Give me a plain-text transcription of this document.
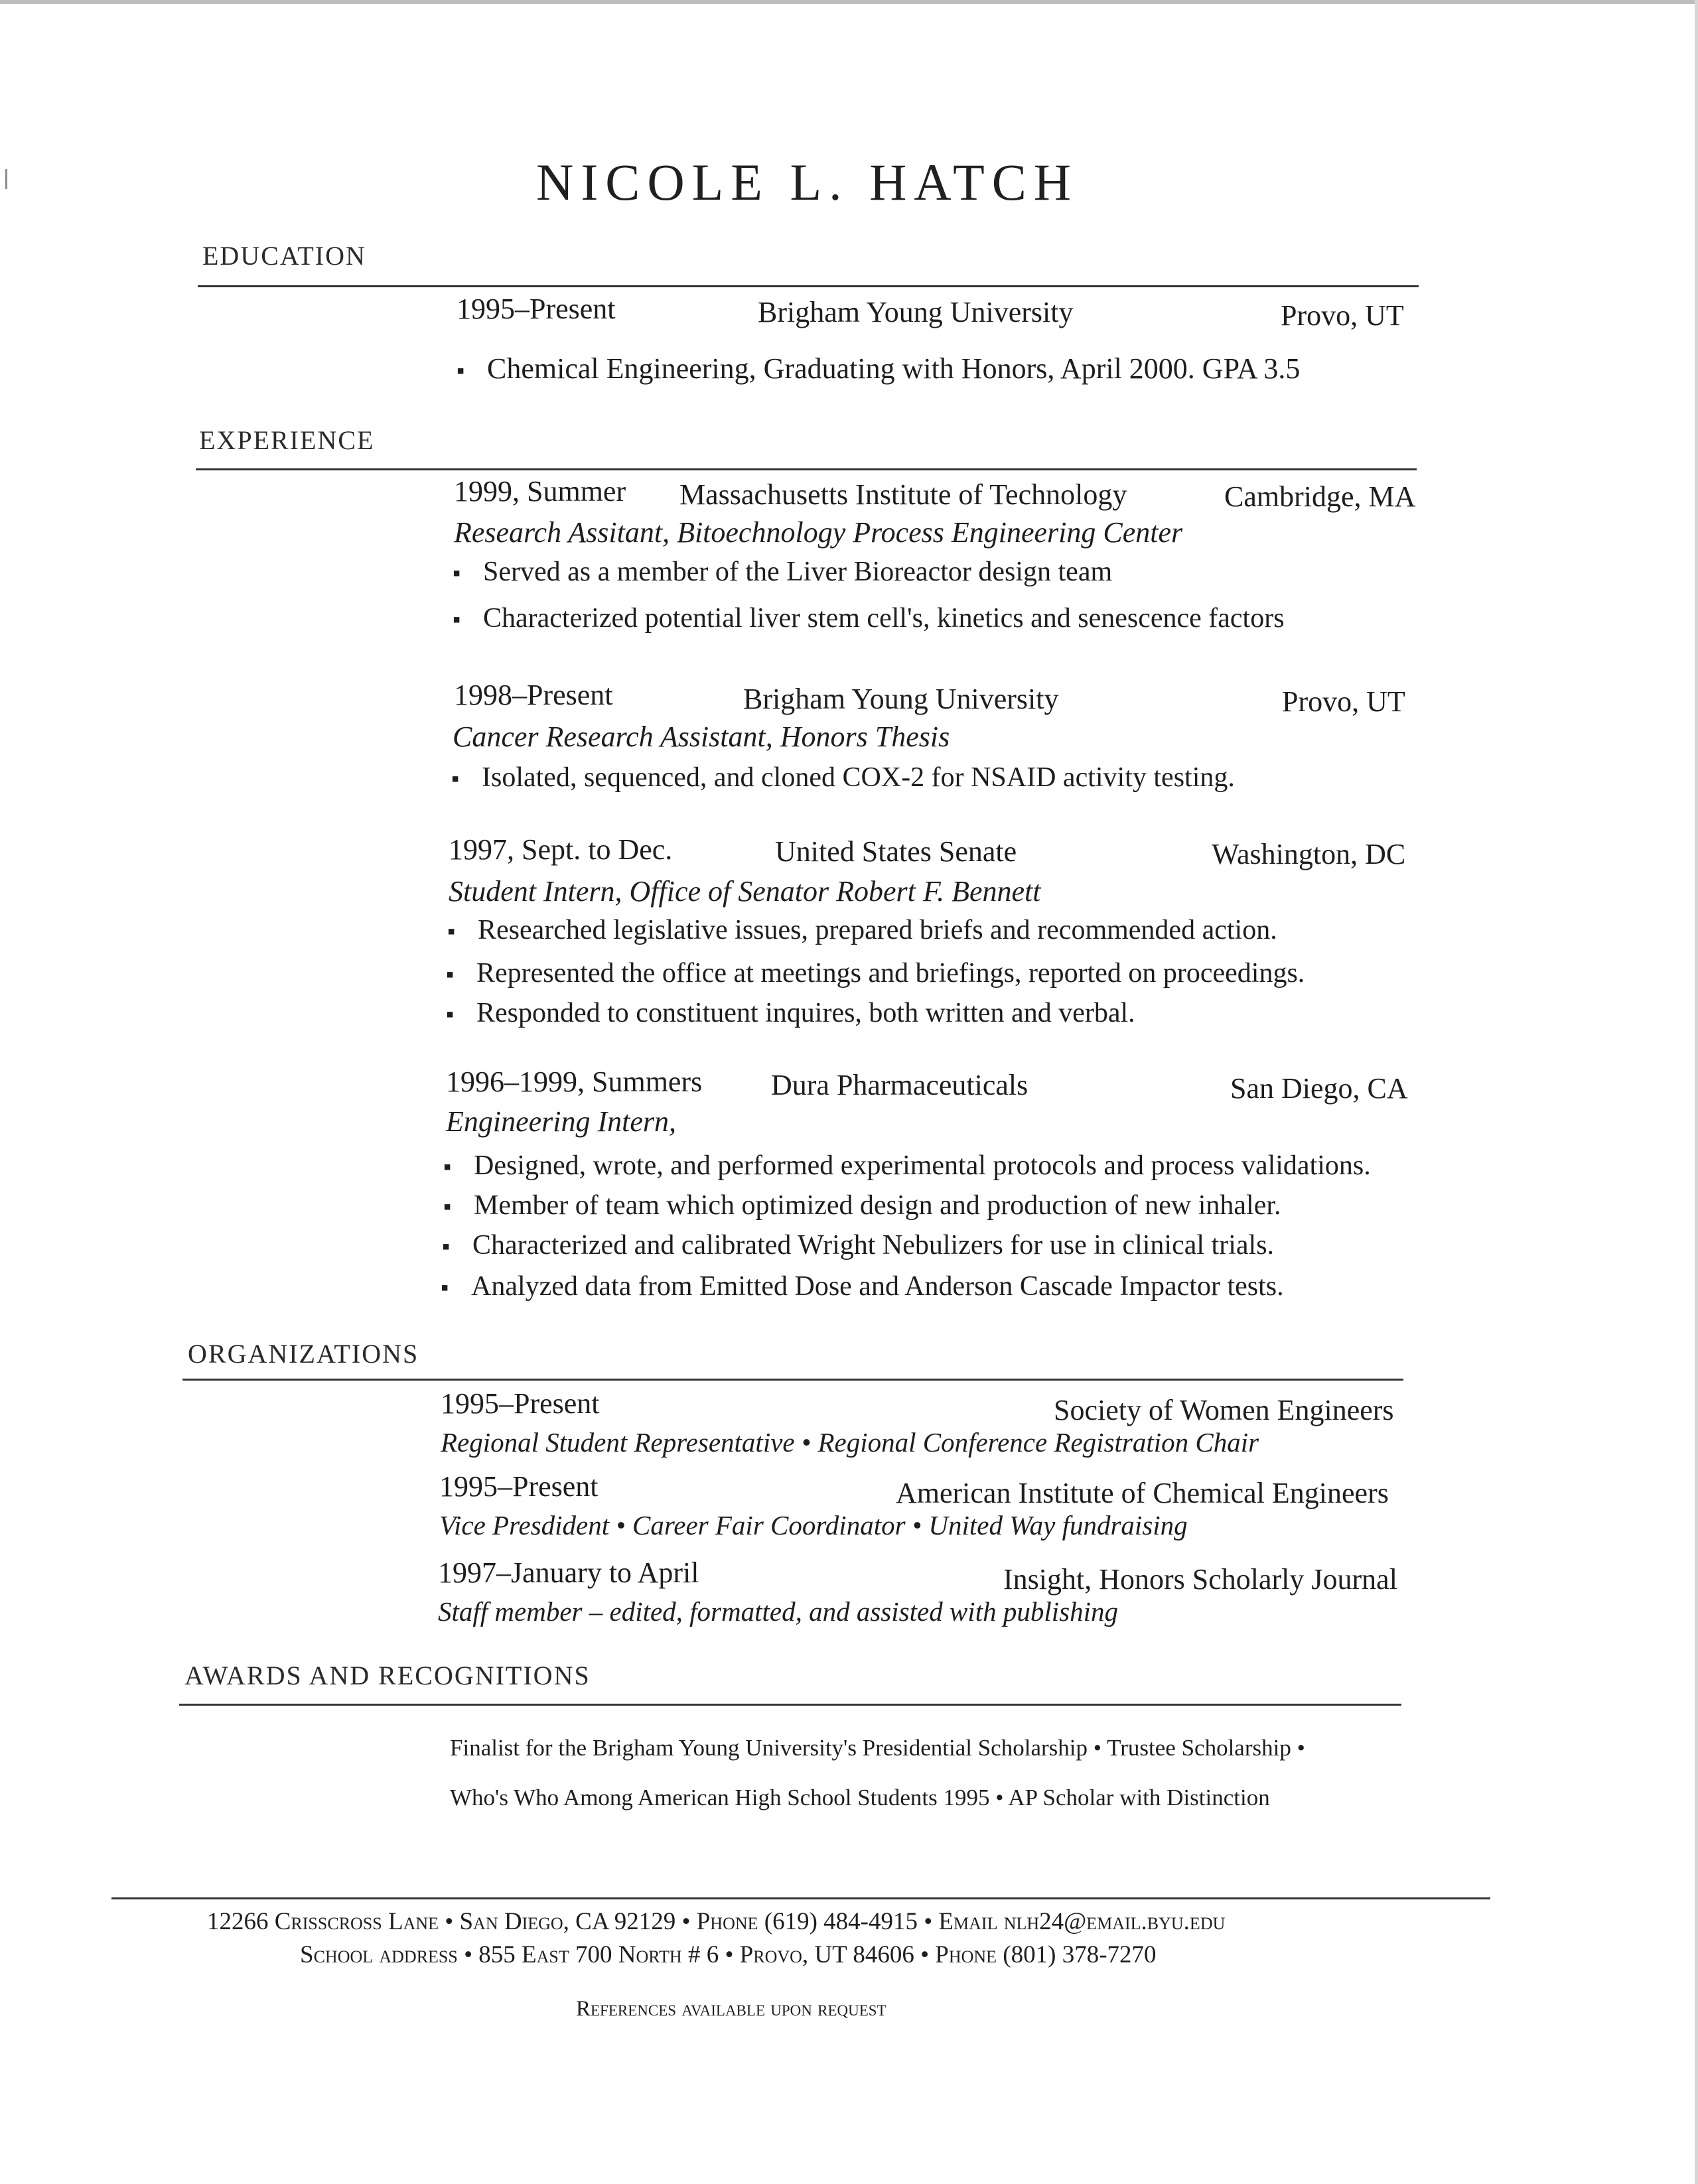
NICOLE L. HATCH
EDUCATION
1995–Present	Brigham Young University	Provo, UT
▪ Chemical Engineering, Graduating with Honors, April 2000. GPA 3.5
EXPERIENCE
1999, Summer Massachusetts Institute of Technology	Cambridge, MA
Research Assitant, Bitoechnology Process Engineering Center
▪ Served as a member of the Liver Bioreactor design team
▪ Characterized potential liver stem cell's, kinetics and senescence factors
1998–Present	Brigham Young University	Provo, UT
Cancer Research Assistant, Honors Thesis
▪ Isolated, sequenced, and cloned COX-2 for NSAID activity testing.
1997, Sept. to Dec.	United States Senate	Washington, DC
Student Intern, Office of Senator Robert F. Bennett
▪ Researched legislative issues, prepared briefs and recommended action.
▪ Represented the office at meetings and briefings, reported on proceedings.
▪ Responded to constituent inquires, both written and verbal.
1996–1999, Summers Dura Pharmaceuticals	San Diego, CA
Engineering Intern,
▪ Designed, wrote, and performed experimental protocols and process validations.
▪ Member of team which optimized design and production of new inhaler.
▪ Characterized and calibrated Wright Nebulizers for use in clinical trials.
▪ Analyzed data from Emitted Dose and Anderson Cascade Impactor tests.
ORGANIZATIONS
1995–Present	Society of Women Engineers
Regional Student Representative • Regional Conference Registration Chair
1995–Present	American Institute of Chemical Engineers
Vice Presdident • Career Fair Coordinator • United Way fundraising
1997–January to April	Insight, Honors Scholarly Journal
Staff member – edited, formatted, and assisted with publishing
AWARDS AND RECOGNITIONS
Finalist for the Brigham Young University's Presidential Scholarship • Trustee Scholarship •
Who's Who Among American High School Students 1995 • AP Scholar with Distinction
12266 Crisscross Lane • San Diego, CA 92129 • Phone (619) 484-4915 • Email nlh24@email.byu.edu
School address • 855 East 700 North # 6 • Provo, UT 84606 • Phone (801) 378-7270
References available upon request
